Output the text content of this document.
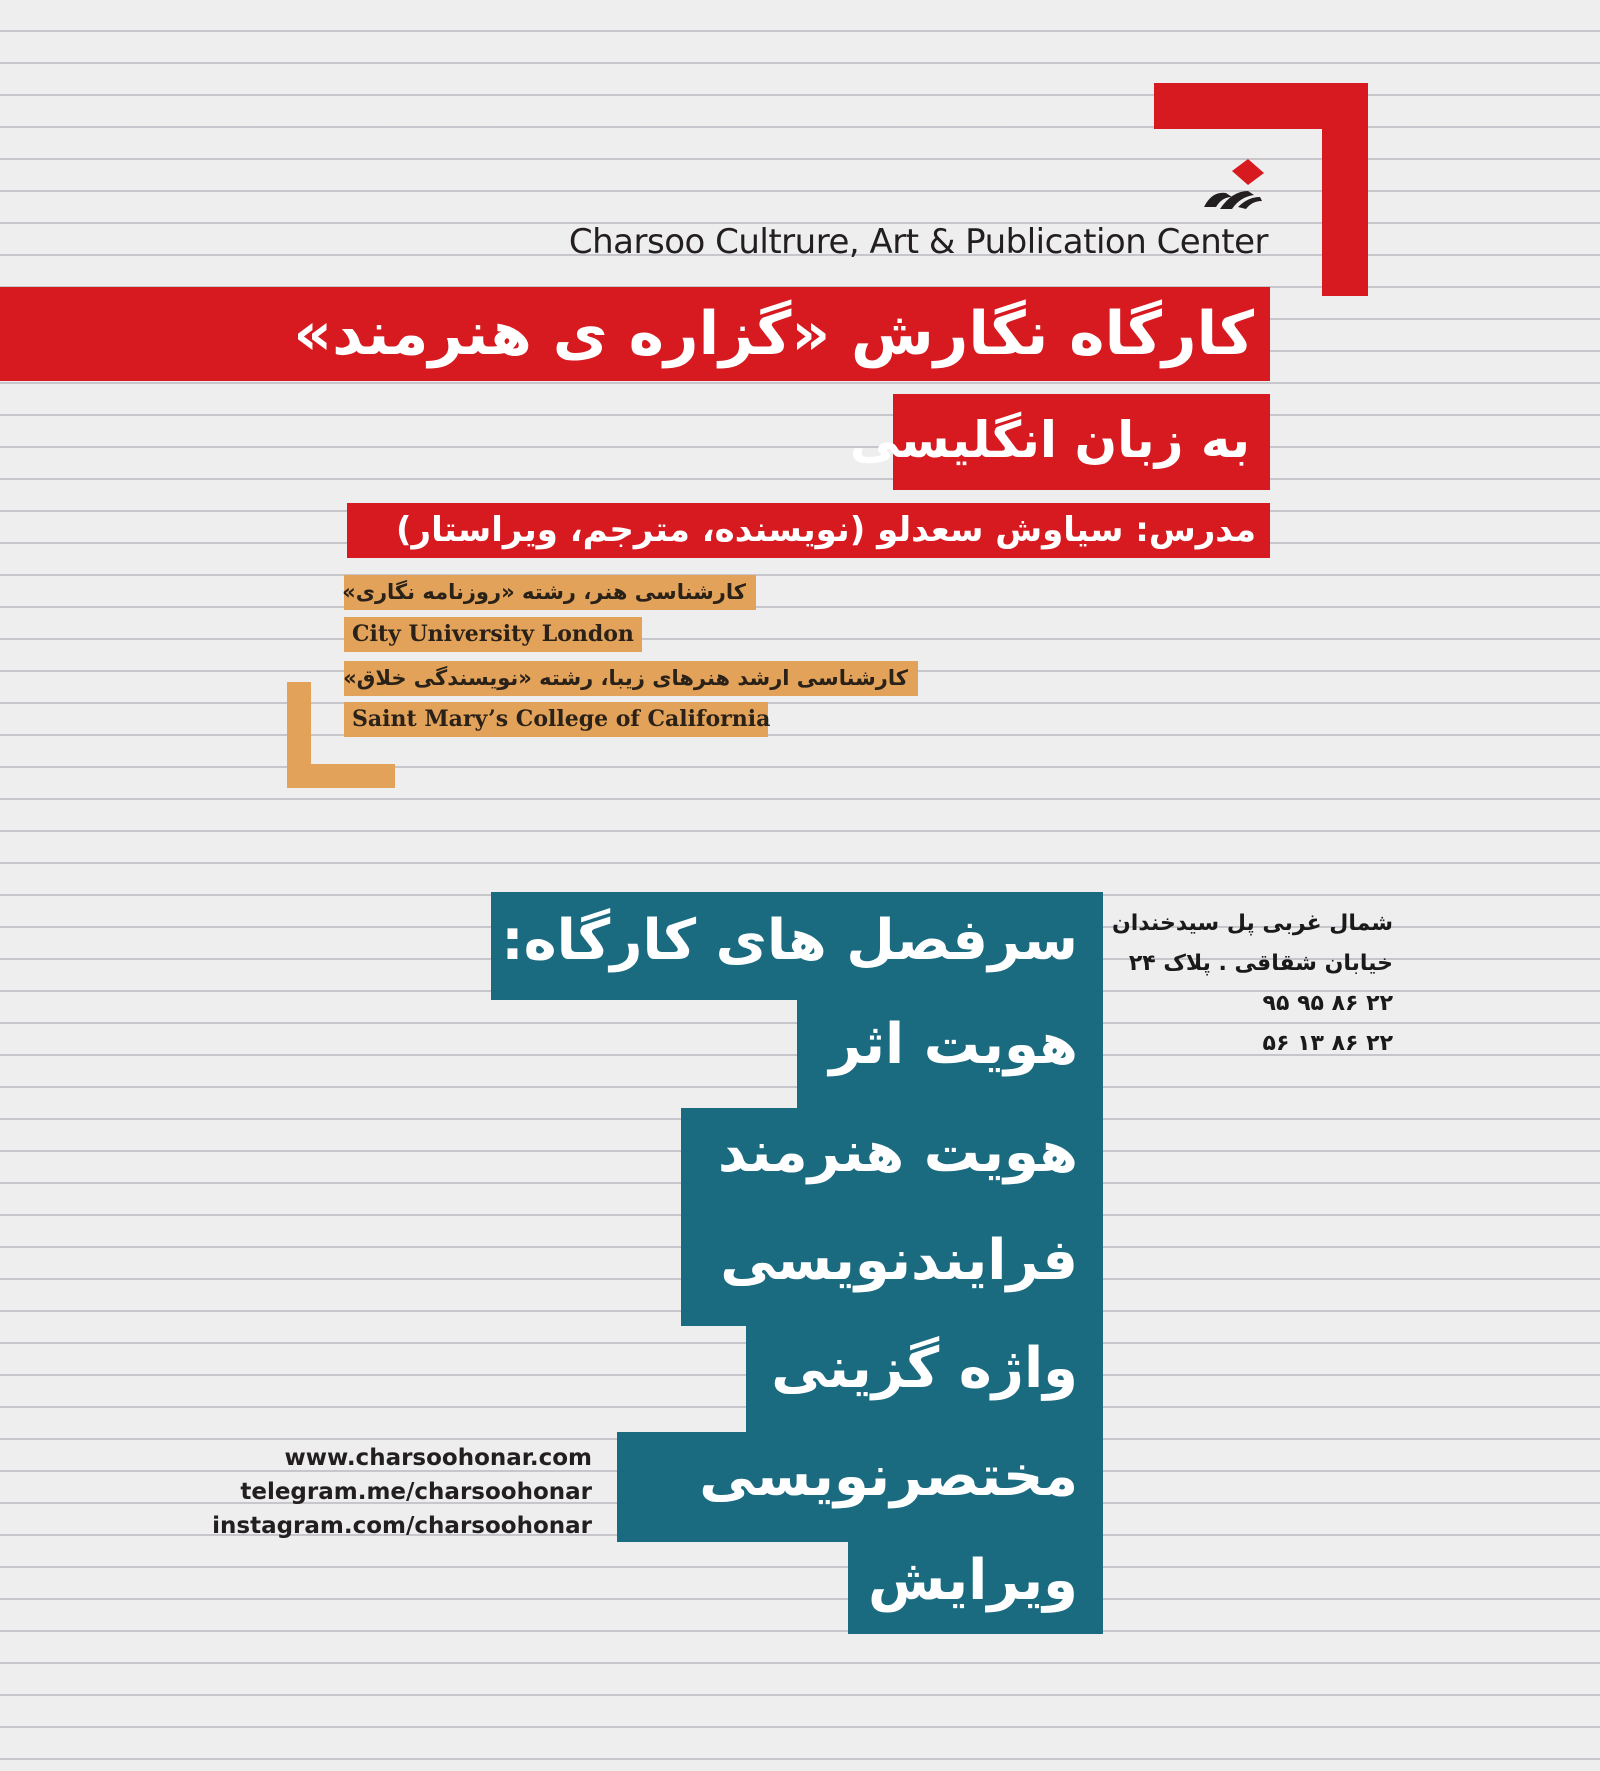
Charsoo Cultrure, Art & Publication Center
کارگاه نگارش «گزاره ی هنرمند»
به زبان انگلیسی
مدرس: سیاوش سعدلو (نویسنده، مترجم، ویراستار)
کارشناسی هنر، رشته «روزنامه نگاری»
City University London
کارشناسی ارشد هنرهای زیبا، رشته «نویسندگی خلاق»
Saint Mary’s College of California
سرفصل های کارگاه:
هویت اثر
هویت هنرمند
فرایندنویسی
واژه گزینی
مختصرنویسی
ویرایش
شمال غربی پل سیدخندان
خیابان شقاقی . پلاک ۲۴
۲۲ ۸۶ ۹۵ ۹۵
۲۲ ۸۶ ۱۳ ۵۶
www.charsoohonar.com
telegram.me/charsoohonar
instagram.com/charsoohonar
